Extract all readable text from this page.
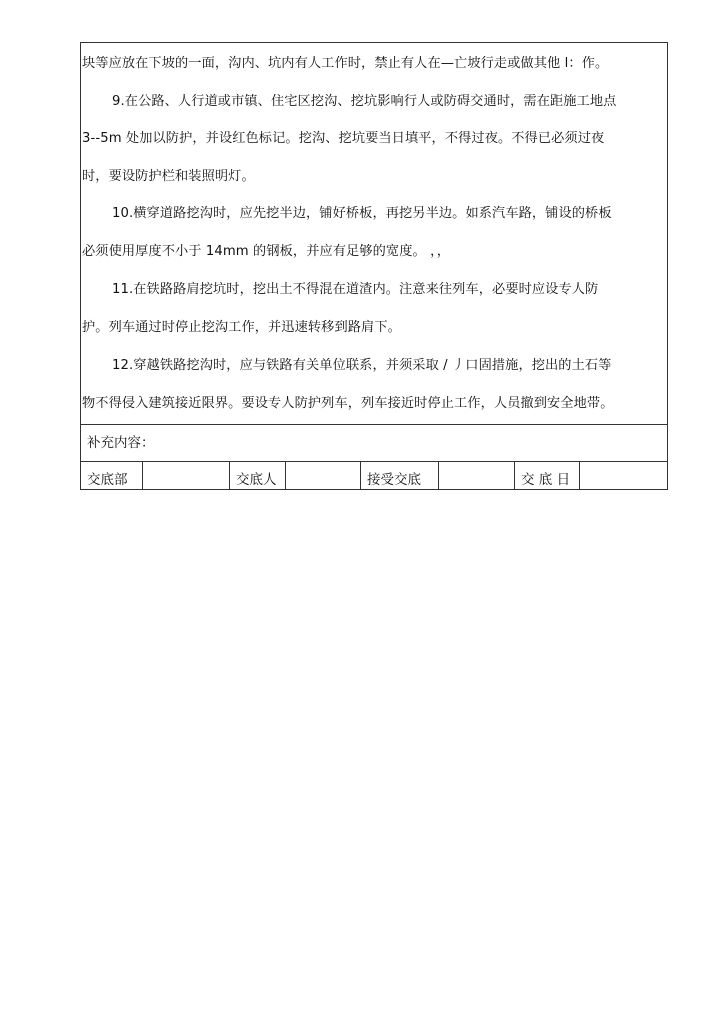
块等应放在下坡的一面，沟内、坑内有人工作时，禁止有人在—亡坡行走或做其他 l：作。
9.在公路、人行道或市镇、住宅区挖沟、挖坑影响行人或防碍交通时，需在距施工地点
3--5m 处加以防护，并设红色标记。挖沟、挖坑要当日填平，不得过夜。不得已必须过夜
时，要设防护栏和装照明灯。
10.横穿道路挖沟时，应先挖半边，铺好桥板，再挖另半边。如系汽车路，铺设的桥板
必须使用厚度不小于 14mm 的钢板，并应有足够的宽度。 ，，
11.在铁路路肩挖坑时，挖出土不得混在道渣内。注意来往列车，必要时应设专人防
护。列车通过时停止挖沟工作，并迅速转移到路肩下。
12.穿越铁路挖沟时，应与铁路有关单位联系，并须采取 / 丿口固措施，挖出的土石等
物不得侵入建筑接近限界。要设专人防护列车，列车接近时停止工作，人员撤到安全地带。
补充内容：
交底部	交底人	接受交底	交 底 日
